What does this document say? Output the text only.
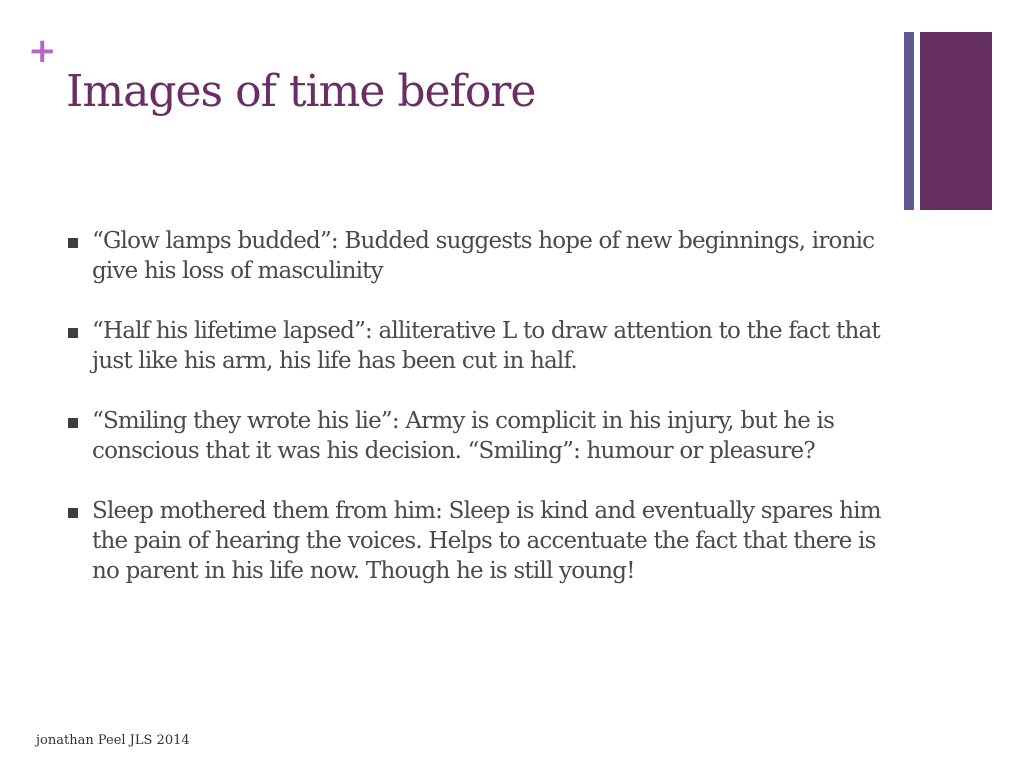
+
Images of time before
“Glow lamps budded”: Budded suggests hope of new beginnings, ironic give his loss of masculinity
“Half his lifetime lapsed”: alliterative L to draw attention to the fact that just like his arm, his life has been cut in half.
“Smiling they wrote his lie”: Army is complicit in his injury, but he is conscious that it was his decision. “Smiling”: humour or pleasure?
Sleep mothered them from him: Sleep is kind and eventually spares him the pain of hearing the voices. Helps to accentuate the fact that there is no parent in his life now. Though he is still young!
jonathan Peel JLS 2014
